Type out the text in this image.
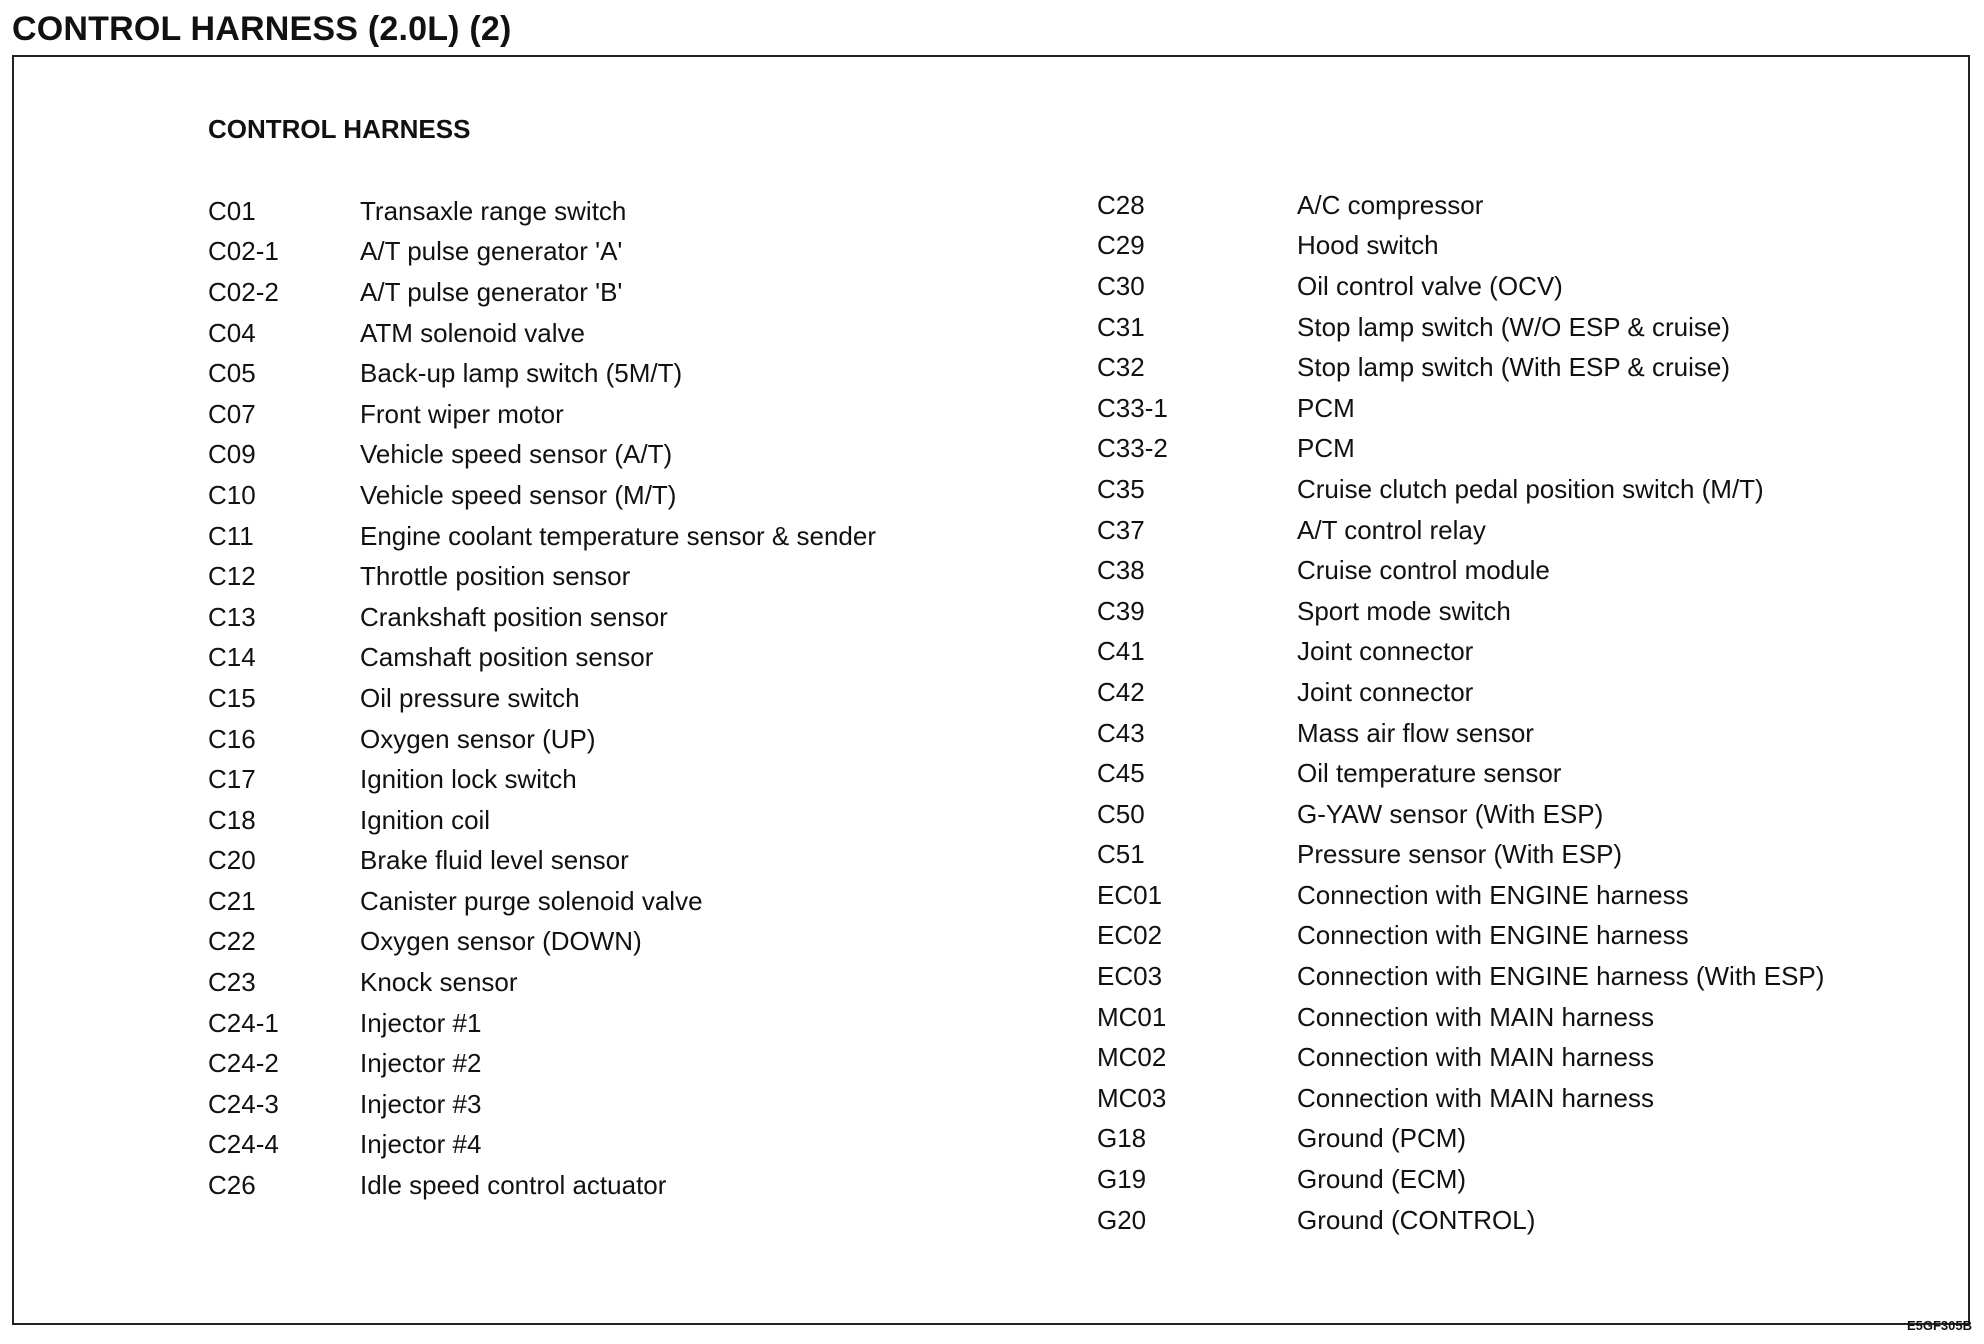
CONTROL HARNESS (2.0L) (2)
CONTROL HARNESS
C01	Transaxle range switch
C02-1	A/T pulse generator 'A'
C02-2	A/T pulse generator 'B'
C04	ATM solenoid valve
C05	Back-up lamp switch (5M/T)
C07	Front wiper motor
C09	Vehicle speed sensor (A/T)
C10	Vehicle speed sensor (M/T)
C11	Engine coolant temperature sensor & sender
C12	Throttle position sensor
C13	Crankshaft position sensor
C14	Camshaft position sensor
C15	Oil pressure switch
C16	Oxygen sensor (UP)
C17	Ignition lock switch
C18	Ignition coil
C20	Brake fluid level sensor
C21	Canister purge solenoid valve
C22	Oxygen sensor (DOWN)
C23	Knock sensor
C24-1	Injector #1
C24-2	Injector #2
C24-3	Injector #3
C24-4	Injector #4
C26	Idle speed control actuator
C28	A/C compressor
C29	Hood switch
C30	Oil control valve (OCV)
C31	Stop lamp switch (W/O ESP & cruise)
C32	Stop lamp switch (With ESP & cruise)
C33-1	PCM
C33-2	PCM
C35	Cruise clutch pedal position switch (M/T)
C37	A/T control relay
C38	Cruise control module
C39	Sport mode switch
C41	Joint connector
C42	Joint connector
C43	Mass air flow sensor
C45	Oil temperature sensor
C50	G-YAW sensor (With ESP)
C51	Pressure sensor (With ESP)
EC01	Connection with ENGINE harness
EC02	Connection with ENGINE harness
EC03	Connection with ENGINE harness (With ESP)
MC01	Connection with MAIN harness
MC02	Connection with MAIN harness
MC03	Connection with MAIN harness
G18	Ground (PCM)
G19	Ground (ECM)
G20	Ground (CONTROL)
E5GF305B
